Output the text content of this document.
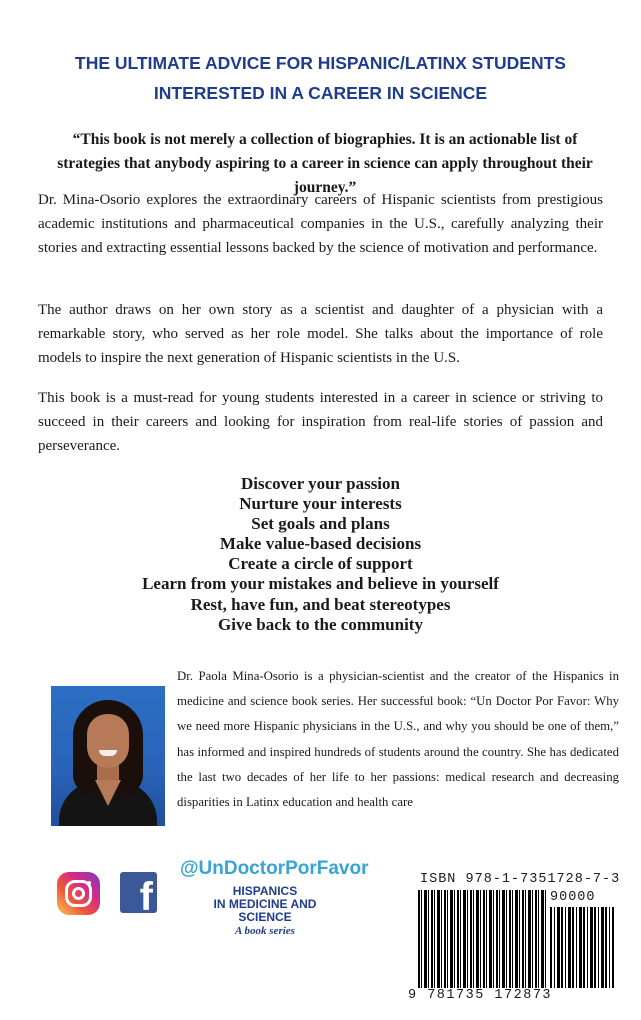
THE ULTIMATE ADVICE FOR HISPANIC/LATINX STUDENTS
INTERESTED IN A CAREER IN SCIENCE
“This book is not merely a collection of biographies. It is an actionable list of strategies that anybody aspiring to a career in science can apply throughout their journey.”
Dr. Mina-Osorio explores the extraordinary careers of Hispanic scientists from prestigious academic institutions and pharmaceutical companies in the U.S., carefully analyzing their stories and extracting essential lessons backed by the science of motivation and performance.
The author draws on her own story as a scientist and daughter of a physician with a remarkable story, who served as her role model. She talks about the importance of role models to inspire the next generation of Hispanic scientists in the U.S.
This book is a must-read for young students interested in a career in science or striving to succeed in their careers and looking for inspiration from real-life stories of passion and perseverance.
Discover your passion
Nurture your interests
Set goals and plans
Make value-based decisions
Create a circle of support
Learn from your mistakes and believe in yourself
Rest, have fun, and beat stereotypes
Give back to the community
Dr. Paola Mina-Osorio is a physician-scientist and the creator of the Hispanics in medicine and science book series. Her successful book: “Un Doctor Por Favor: Why we need more Hispanic physicians in the U.S., and why you should be one of them,” has informed and inspired hundreds of students around the country. She has dedicated the last two decades of her life to her passions: medical research and decreasing disparities in Latinx education and health care
f
@UnDoctorPorFavor
HISPANICS
IN MEDICINE AND
SCIENCE
A book series
ISBN 978-1-7351728-7-3
90000
9 781735 172873
